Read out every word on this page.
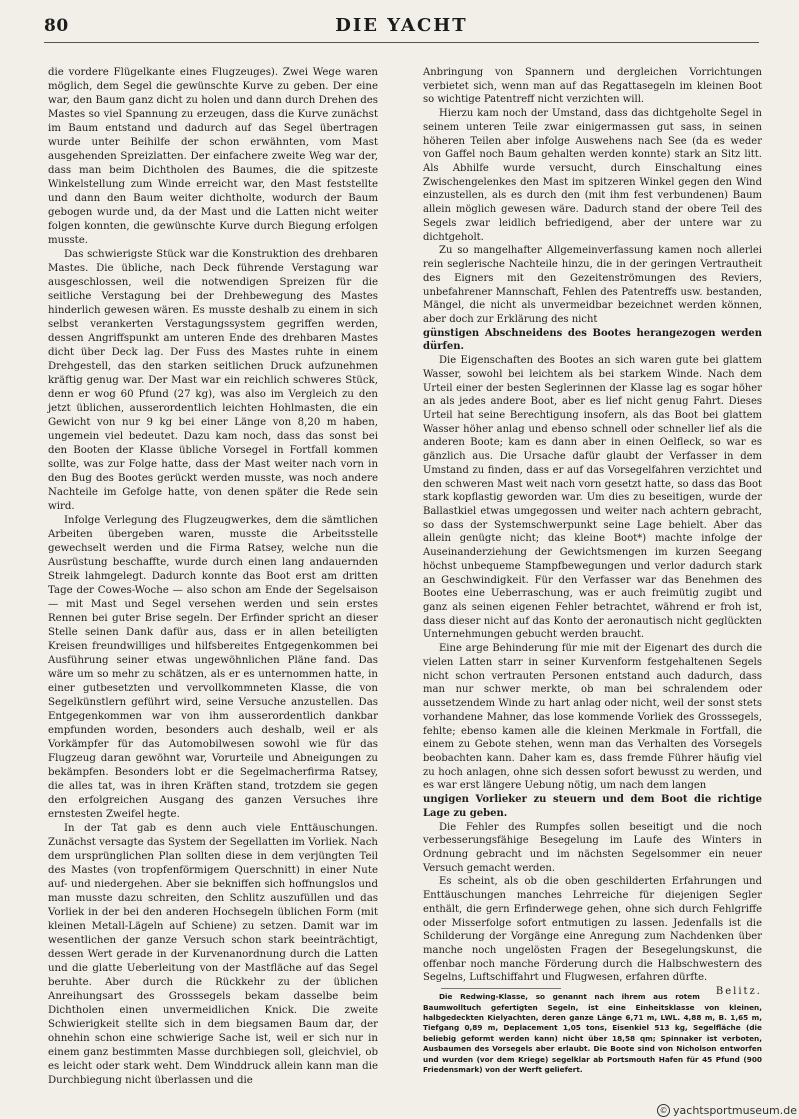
80	DIE YACHT

die vordere Flügelkante eines Flugzeuges). Zwei Wege waren möglich, dem Segel die gewünschte Kurve zu geben. Der eine war, den Baum ganz dicht zu holen und dann durch Drehen des Mastes so viel Spannung zu erzeugen, dass die Kurve zunächst im Baum entstand und dadurch auf das Segel übertragen wurde unter Beihilfe der schon erwähnten, vom Mast ausgehenden Spreizlatten. Der einfachere zweite Weg war der, dass man beim Dichtholen des Baumes, die die spitzeste Winkelstellung zum Winde erreicht war, den Mast feststellte und dann den Baum weiter dichtholte, wodurch der Baum gebogen wurde und, da der Mast und die Latten nicht weiter folgen konnten, die gewünschte Kurve durch Biegung erfolgen musste.

Das schwierigste Stück war die Konstruktion des drehbaren Mastes. Die übliche, nach Deck führende Verstagung war ausgeschlossen, weil die notwendigen Spreizen für die seitliche Verstagung bei der Drehbewegung des Mastes hinderlich gewesen wären. Es musste deshalb zu einem in sich selbst verankerten Verstagungssystem gegriffen werden, dessen Angriffspunkt am unteren Ende des drehbaren Mastes dicht über Deck lag. Der Fuss des Mastes ruhte in einem Drehgestell, das den starken seitlichen Druck aufzunehmen kräftig genug war. Der Mast war ein reichlich schweres Stück, denn er wog 60 Pfund (27 kg), was also im Vergleich zu den jetzt üblichen, ausserordentlich leichten Hohlmasten, die ein Gewicht von nur 9 kg bei einer Länge von 8,20 m haben, ungemein viel bedeutet. Dazu kam noch, dass das sonst bei den Booten der Klasse übliche Vorsegel in Fortfall kommen sollte, was zur Folge hatte, dass der Mast weiter nach vorn in den Bug des Bootes gerückt werden musste, was noch andere Nachteile im Gefolge hatte, von denen später die Rede sein wird.

Infolge Verlegung des Flugzeugwerkes, dem die sämtlichen Arbeiten übergeben waren, musste die Arbeitsstelle gewechselt werden und die Firma Ratsey, welche nun die Ausrüstung beschaffte, wurde durch einen lang andauernden Streik lahmgelegt. Dadurch konnte das Boot erst am dritten Tage der Cowes-Woche — also schon am Ende der Segelsaison — mit Mast und Segel versehen werden und sein erstes Rennen bei guter Brise segeln. Der Erfinder spricht an dieser Stelle seinen Dank dafür aus, dass er in allen beteiligten Kreisen freundwilliges und hilfsbereites Entgegenkommen bei Ausführung seiner etwas ungewöhnlichen Pläne fand. Das wäre um so mehr zu schätzen, als er es unternommen hatte, in einer gutbesetzten und vervollkommneten Klasse, die von Segelkünstlern geführt wird, seine Versuche anzustellen. Das Entgegenkommen war von ihm ausserordentlich dankbar empfunden worden, besonders auch deshalb, weil er als Vorkämpfer für das Automobilwesen sowohl wie für das Flugzeug daran gewöhnt war, Vorurteile und Abneigungen zu bekämpfen. Besonders lobt er die Segelmacherfirma Ratsey, die alles tat, was in ihren Kräften stand, trotzdem sie gegen den erfolgreichen Ausgang des ganzen Versuches ihre ernstesten Zweifel hegte.

In der Tat gab es denn auch viele Enttäuschungen. Zunächst versagte das System der Segellatten im Vorliek. Nach dem ursprünglichen Plan sollten diese in dem verjüngten Teil des Mastes (von tropfenförmigem Querschnitt) in einer Nute auf- und niedergehen. Aber sie bekniffen sich hoffnungslos und man musste dazu schreiten, den Schlitz auszufüllen und das Vorliek in der bei den anderen Hochsegeln üblichen Form (mit kleinen Metall-Lägeln auf Schiene) zu setzen. Damit war im wesentlichen der ganze Versuch schon stark beeinträchtigt, dessen Wert gerade in der Kurvenanordnung durch die Latten und die glatte Ueberleitung von der Mastfläche auf das Segel beruhte. Aber durch die Rückkehr zu der üblichen Anreihungsart des Grosssegels bekam dasselbe beim Dichtholen einen unvermeidlichen Knick. Die zweite Schwierigkeit stellte sich in dem biegsamen Baum dar, der ohnehin schon eine schwierige Sache ist, weil er sich nur in einem ganz bestimmten Masse durchbiegen soll, gleichviel, ob es leicht oder stark weht. Dem Winddruck allein kann man die Durchbiegung nicht überlassen und die

Anbringung von Spannern und dergleichen Vorrichtungen verbietet sich, wenn man auf das Regattasegeln im kleinen Boot so wichtige Patentreff nicht verzichten will.

Hierzu kam noch der Umstand, dass das dichtgeholte Segel in seinem unteren Teile zwar einigermassen gut sass, in seinen höheren Teilen aber infolge Auswehens nach See (da es weder von Gaffel noch Baum gehalten werden konnte) stark an Sitz litt. Als Abhilfe wurde versucht, durch Einschaltung eines Zwischengelenkes den Mast im spitzeren Winkel gegen den Wind einzustellen, als es durch den (mit ihm fest verbundenen) Baum allein möglich gewesen wäre. Dadurch stand der obere Teil des Segels zwar leidlich befriedigend, aber der untere war zu dichtgeholt.

Zu so mangelhafter Allgemeinverfassung kamen noch allerlei rein seglerische Nachteile hinzu, die in der geringen Vertrautheit des Eigners mit den Gezeitenströmungen des Reviers, unbefahrener Mannschaft, Fehlen des Patentreffs usw. bestanden, Mängel, die nicht als unvermeidbar bezeichnet werden können, aber doch zur Erklärung des nicht

günstigen Abschneidens des Bootes herangezogen werden dürfen.

Die Eigenschaften des Bootes an sich waren gute bei glattem Wasser, sowohl bei leichtem als bei starkem Winde. Nach dem Urteil einer der besten Seglerinnen der Klasse lag es sogar höher an als jedes andere Boot, aber es lief nicht genug Fahrt. Dieses Urteil hat seine Berechtigung insofern, als das Boot bei glattem Wasser höher anlag und ebenso schnell oder schneller lief als die anderen Boote; kam es dann aber in einen Oelfleck, so war es gänzlich aus. Die Ursache dafür glaubt der Verfasser in dem Umstand zu finden, dass er auf das Vorsegelfahren verzichtet und den schweren Mast weit nach vorn gesetzt hatte, so dass das Boot stark kopflastig geworden war. Um dies zu beseitigen, wurde der Ballastkiel etwas umgegossen und weiter nach achtern gebracht, so dass der Systemschwerpunkt seine Lage behielt. Aber das allein genügte nicht; das kleine Boot*) machte infolge der Auseinanderziehung der Gewichtsmengen im kurzen Seegang höchst unbequeme Stampfbewegungen und verlor dadurch stark an Geschwindigkeit. Für den Verfasser war das Benehmen des Bootes eine Ueberraschung, was er auch freimütig zugibt und ganz als seinen eigenen Fehler betrachtet, während er froh ist, dass dieser nicht auf das Konto der aeronautisch nicht geglückten Unternehmungen gebucht werden braucht.

Eine arge Behinderung für mie mit der Eigenart des durch die vielen Latten starr in seiner Kurvenform festgehaltenen Segels nicht schon vertrauten Personen entstand auch dadurch, dass man nur schwer merkte, ob man bei schralendem oder aussetzendem Winde zu hart anlag oder nicht, weil der sonst stets vorhandene Mahner, das lose kommende Vorliek des Grosssegels, fehlte; ebenso kamen alle die kleinen Merkmale in Fortfall, die einem zu Gebote stehen, wenn man das Verhalten des Vorsegels beobachten kann. Daher kam es, dass fremde Führer häufig viel zu hoch anlagen, ohne sich dessen sofort bewusst zu werden, und es war erst längere Uebung nötig, um nach dem langen

ungigen Vorlieker zu steuern und dem Boot die richtige Lage zu geben.

Die Fehler des Rumpfes sollen beseitigt und die noch verbesserungsfähige Besegelung im Laufe des Winters in Ordnung gebracht und im nächsten Segelsommer ein neuer Versuch gemacht werden.

Es scheint, als ob die oben geschilderten Erfahrungen und Enttäuschungen manches Lehrreiche für diejenigen Segler enthält, die gern Erfinderwege gehen, ohne sich durch Fehlgriffe oder Misserfolge sofort entmutigen zu lassen. Jedenfalls ist die Schilderung der Vorgänge eine Anregung zum Nachdenken über manche noch ungelösten Fragen der Besegelungskunst, die offenbar noch manche Förderung durch die Halbschwestern des Segelns, Luftschiffahrt und Flugwesen, erfahren dürfte.
Belitz.

Die Redwing-Klasse, so genannt nach ihrem aus rotem Baumwolltuch gefertigten Segeln, ist eine Einheitsklasse von kleinen, halbgedeckten Kielyachten, deren ganze Länge 6,71 m, LWL. 4,88 m, B. 1,65 m, Tiefgang 0,89 m, Deplacement 1,05 tons, Eisenkiel 513 kg, Segelfläche (die beliebig geformt werden kann) nicht über 18,58 qm; Spinnaker ist verboten, Ausbaumen des Vorsegels aber erlaubt. Die Boote sind von Nicholson entworfen und wurden (vor dem Kriege) segelklar ab Portsmouth Hafen für 45 Pfund (900 Friedensmark) von der Werft geliefert.

© yachtsportmuseum.de
